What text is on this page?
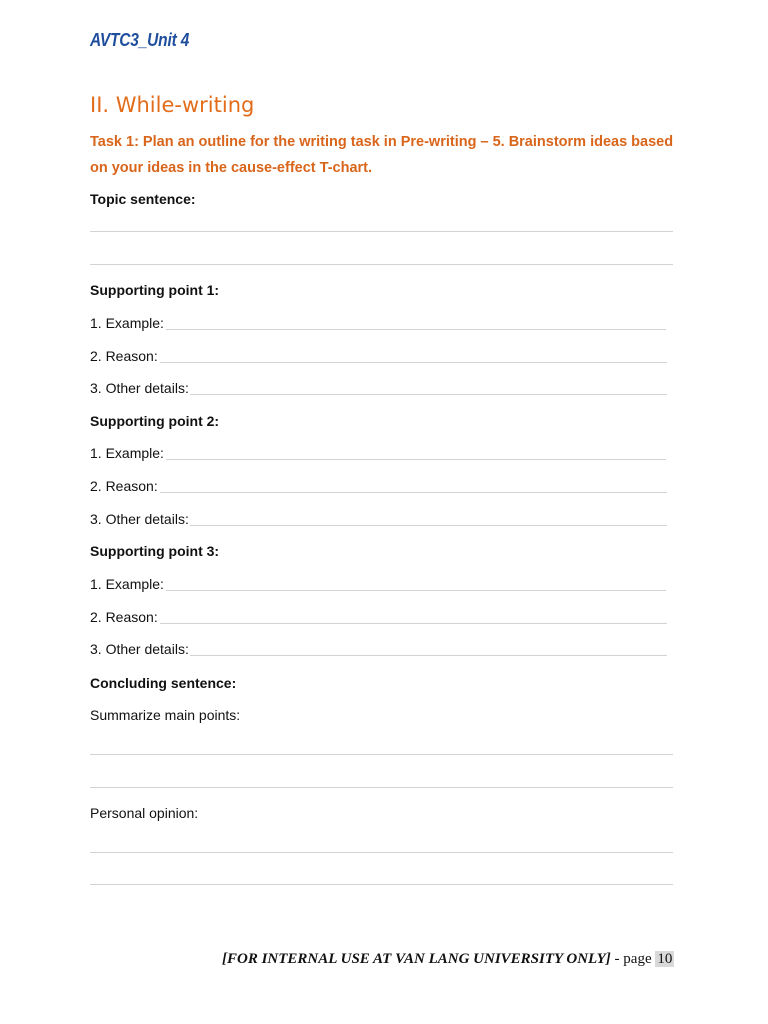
AVTC3_Unit 4
II. While-writing
Task 1: Plan an outline for the writing task in Pre-writing – 5. Brainstorm ideas based on your ideas in the cause-effect T-chart.
Topic sentence:
Supporting point 1:
1. Example:
2. Reason:
3. Other details:
Supporting point 2:
1. Example:
2. Reason:
3. Other details:
Supporting point 3:
1. Example:
2. Reason:
3. Other details:
Concluding sentence:
Summarize main points:
Personal opinion:
[FOR INTERNAL USE AT VAN LANG UNIVERSITY ONLY] - page 10
